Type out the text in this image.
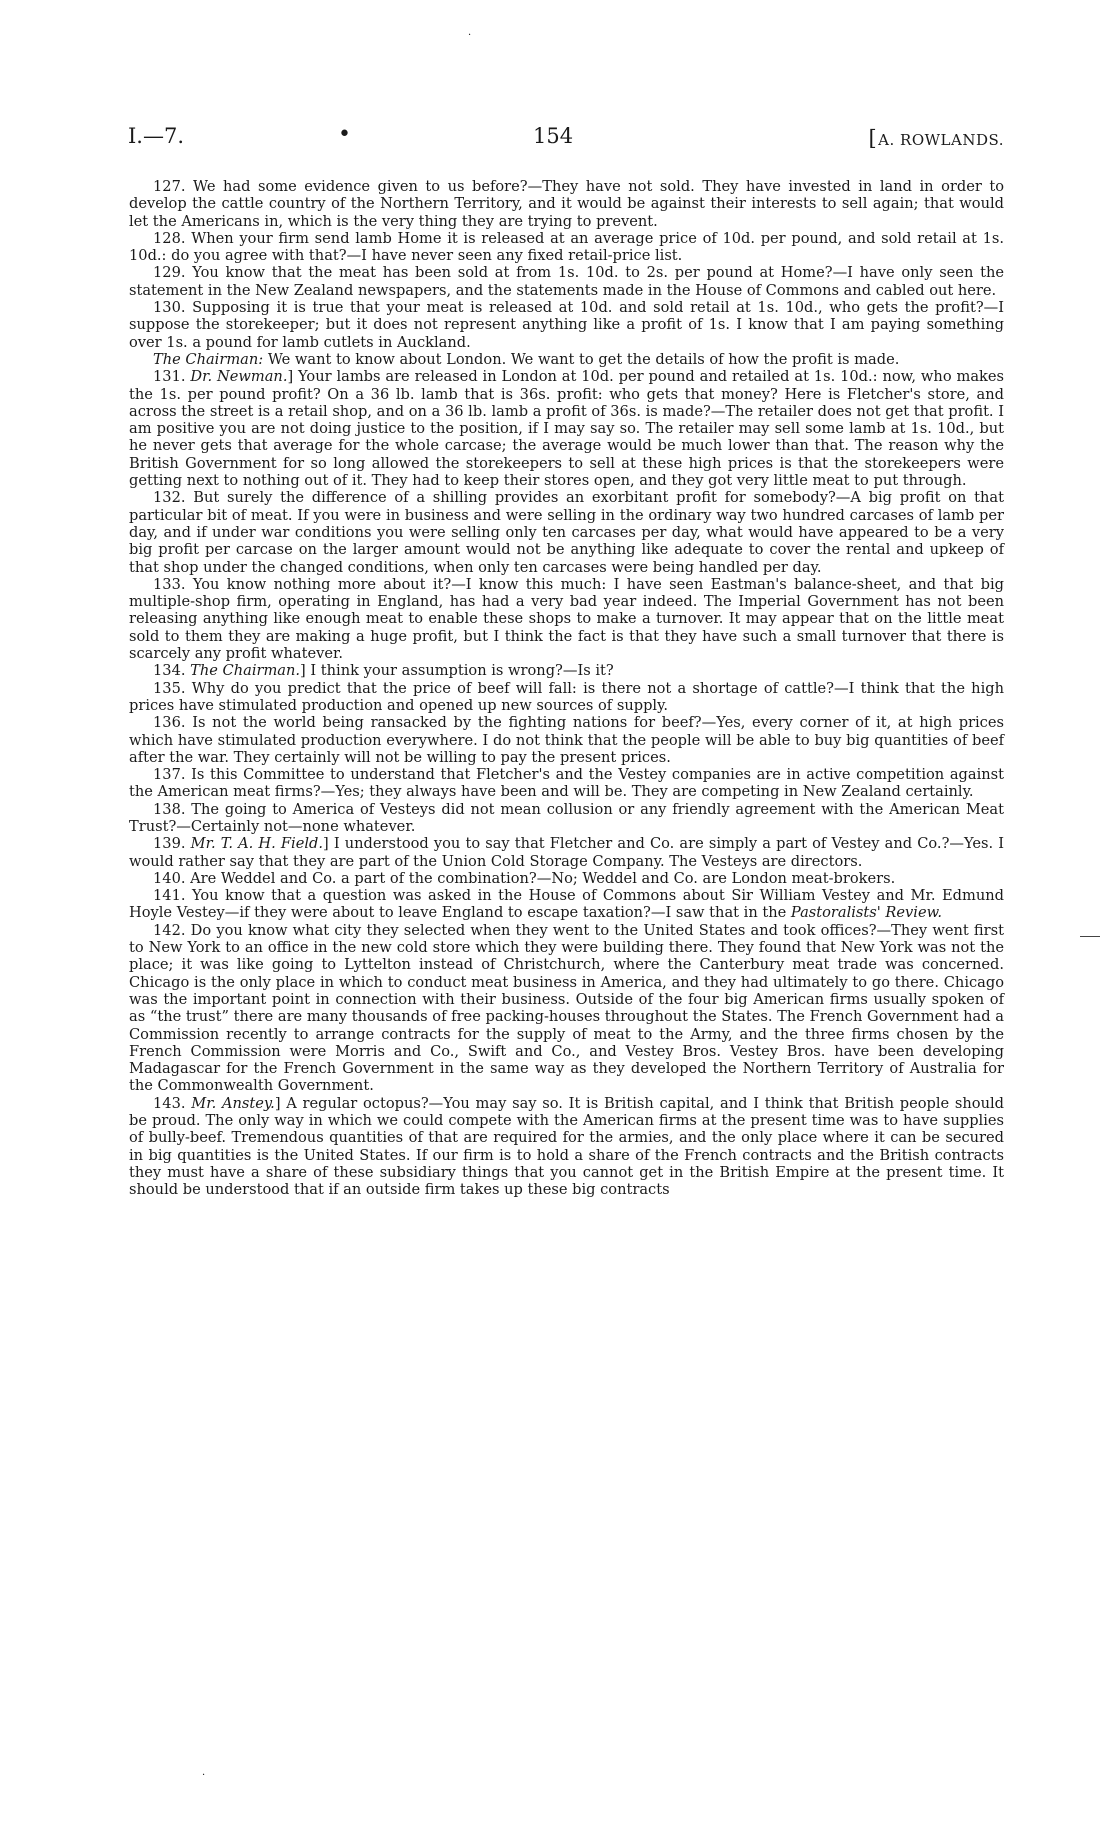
·
I.—7.	•	154	[A. ROWLANDS.

127. We had some evidence given to us before?—They have not sold. They have invested in land in order to develop the cattle country of the Northern Territory, and it would be against their interests to sell again; that would let the Americans in, which is the very thing they are trying to prevent.

128. When your firm send lamb Home it is released at an average price of 10d. per pound, and sold retail at 1s. 10d.: do you agree with that?—I have never seen any fixed retail-price list.

129. You know that the meat has been sold at from 1s. 10d. to 2s. per pound at Home?—I have only seen the statement in the New Zealand newspapers, and the statements made in the House of Commons and cabled out here.

130. Supposing it is true that your meat is released at 10d. and sold retail at 1s. 10d., who gets the profit?—I suppose the storekeeper; but it does not represent anything like a profit of 1s. I know that I am paying something over 1s. a pound for lamb cutlets in Auckland.

The Chairman: We want to know about London. We want to get the details of how the profit is made.

131. Dr. Newman.] Your lambs are released in London at 10d. per pound and retailed at 1s. 10d.: now, who makes the 1s. per pound profit? On a 36 lb. lamb that is 36s. profit: who gets that money? Here is Fletcher's store, and across the street is a retail shop, and on a 36 lb. lamb a profit of 36s. is made?—The retailer does not get that profit. I am positive you are not doing justice to the position, if I may say so. The retailer may sell some lamb at 1s. 10d., but he never gets that average for the whole carcase; the average would be much lower than that. The reason why the British Government for so long allowed the storekeepers to sell at these high prices is that the storekeepers were getting next to nothing out of it. They had to keep their stores open, and they got very little meat to put through.

132. But surely the difference of a shilling provides an exorbitant profit for somebody?—A big profit on that particular bit of meat. If you were in business and were selling in the ordinary way two hundred carcases of lamb per day, and if under war conditions you were selling only ten carcases per day, what would have appeared to be a very big profit per carcase on the larger amount would not be anything like adequate to cover the rental and upkeep of that shop under the changed conditions, when only ten carcases were being handled per day.

133. You know nothing more about it?—I know this much: I have seen Eastman's balance-sheet, and that big multiple-shop firm, operating in England, has had a very bad year indeed. The Imperial Government has not been releasing anything like enough meat to enable these shops to make a turnover. It may appear that on the little meat sold to them they are making a huge profit, but I think the fact is that they have such a small turnover that there is scarcely any profit whatever.

134. The Chairman.] I think your assumption is wrong?—Is it?

135. Why do you predict that the price of beef will fall: is there not a shortage of cattle?—I think that the high prices have stimulated production and opened up new sources of supply.

136. Is not the world being ransacked by the fighting nations for beef?—Yes, every corner of it, at high prices which have stimulated production everywhere. I do not think that the people will be able to buy big quantities of beef after the war. They certainly will not be willing to pay the present prices.

137. Is this Committee to understand that Fletcher's and the Vestey companies are in active competition against the American meat firms?—Yes; they always have been and will be. They are competing in New Zealand certainly.

138. The going to America of Vesteys did not mean collusion or any friendly agreement with the American Meat Trust?—Certainly not—none whatever.

139. Mr. T. A. H. Field.] I understood you to say that Fletcher and Co. are simply a part of Vestey and Co.?—Yes. I would rather say that they are part of the Union Cold Storage Company. The Vesteys are directors.

140. Are Weddel and Co. a part of the combination?—No; Weddel and Co. are London meat-brokers.

141. You know that a question was asked in the House of Commons about Sir William Vestey and Mr. Edmund Hoyle Vestey—if they were about to leave England to escape taxation?—I saw that in the Pastoralists' Review.

142. Do you know what city they selected when they went to the United States and took offices?—They went first to New York to an office in the new cold store which they were building there. They found that New York was not the place; it was like going to Lyttelton instead of Christchurch, where the Canterbury meat trade was concerned. Chicago is the only place in which to conduct meat business in America, and they had ultimately to go there. Chicago was the important point in connection with their business. Outside of the four big American firms usually spoken of as “the trust” there are many thousands of free packing-houses throughout the States. The French Government had a Commission recently to arrange contracts for the supply of meat to the Army, and the three firms chosen by the French Commission were Morris and Co., Swift and Co., and Vestey Bros. Vestey Bros. have been developing Madagascar for the French Government in the same way as they developed the Northern Territory of Australia for the Commonwealth Government.

143. Mr. Anstey.] A regular octopus?—You may say so. It is British capital, and I think that British people should be proud. The only way in which we could compete with the American firms at the present time was to have supplies of bully-beef. Tremendous quantities of that are required for the armies, and the only place where it can be secured in big quantities is the United States. If our firm is to hold a share of the French contracts and the British contracts they must have a share of these subsidiary things that you cannot get in the British Empire at the present time. It should be understood that if an outside firm takes up these big contracts

·
